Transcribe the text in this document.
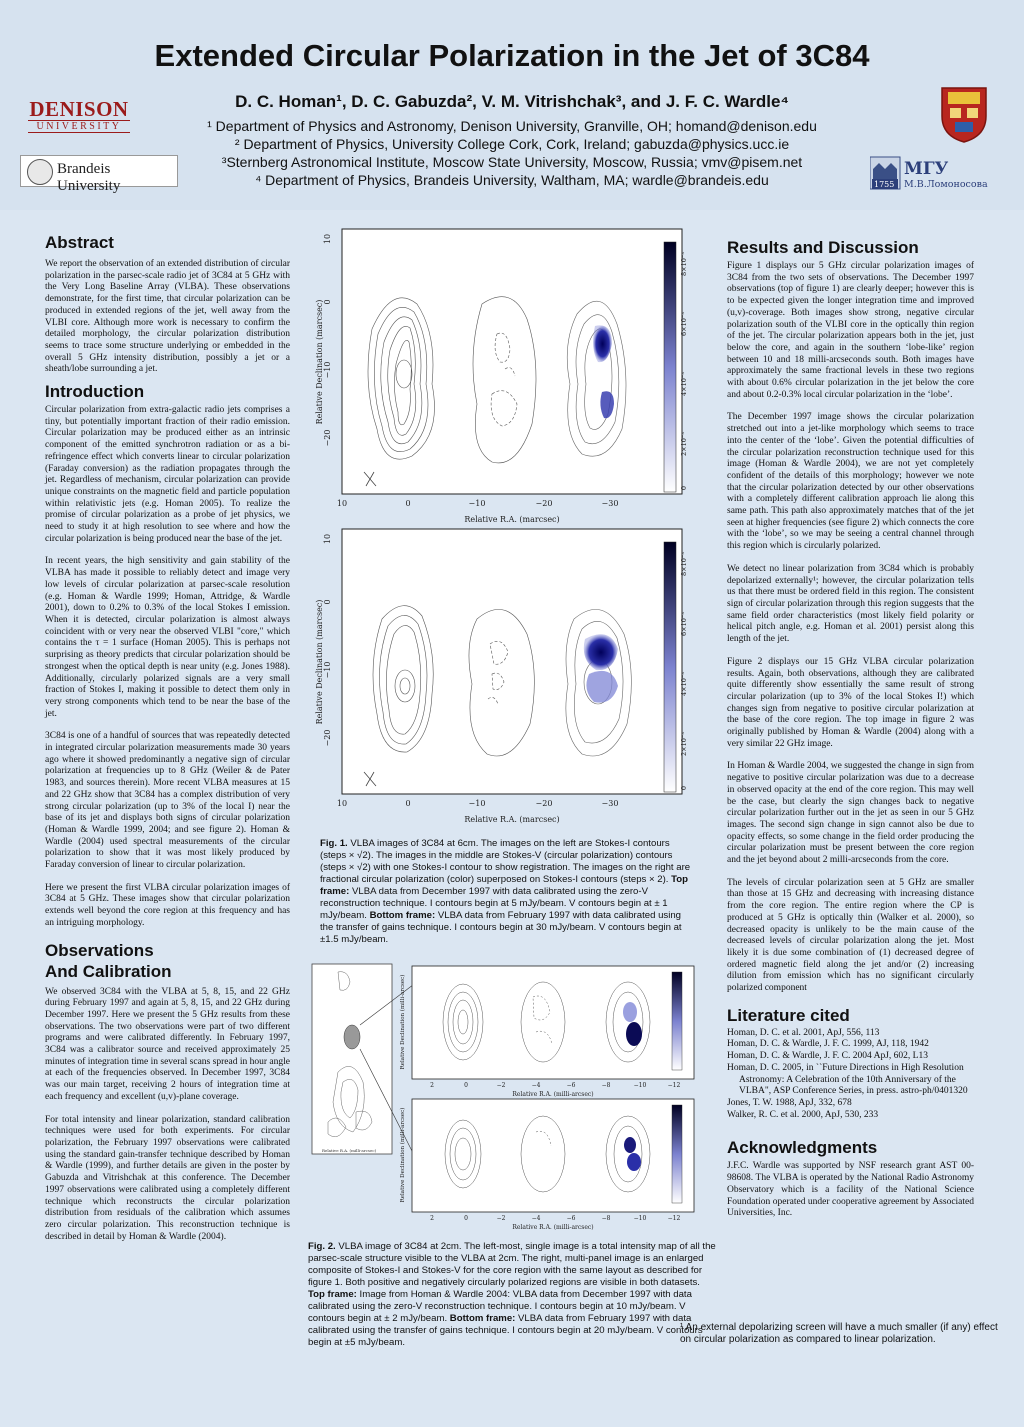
Extended Circular Polarization in the Jet of 3C84
D. C. Homan¹, D. C. Gabuzda², V. M. Vitrishchak³, and J. F. C. Wardle⁴
¹ Department of Physics and Astronomy, Denison University, Granville, OH; homand@denison.edu
² Department of Physics, University College Cork, Cork, Ireland; gabuzda@physics.ucc.ie
³Sternberg Astronomical Institute, Moscow State University, Moscow, Russia; vmv@pisem.net
⁴ Department of Physics, Brandeis University, Waltham, MA; wardle@brandeis.edu
DENISON
UNIVERSITY
Brandeis University
МГУ
1755 М.В.Ломоносова
Abstract

We report the observation of an extended distribution of circular polarization in the parsec-scale radio jet of 3C84 at 5 GHz with the Very Long Baseline Array (VLBA). These observations demonstrate, for the first time, that circular polarization can be produced in extended regions of the jet, well away from the VLBI core. Although more work is necessary to confirm the detailed morphology, the circular polarization distribution seems to trace some structure underlying or embedded in the overall 5 GHz intensity distribution, possibly a jet or a sheath/lobe surrounding a jet.

Introduction

Circular polarization from extra-galactic radio jets comprises a tiny, but potentially important fraction of their radio emission. Circular polarization may be produced either as an intrinsic component of the emitted synchrotron radiation or as a bi-refringence effect which converts linear to circular polarization (Faraday conversion) as the radiation propagates through the jet. Regardless of mechanism, circular polarization can provide unique constraints on the magnetic field and particle population within relativistic jets (e.g. Homan 2005). To realize the promise of circular polarization as a probe of jet physics, we need to study it at high resolution to see where and how the circular polarization is being produced near the base of the jet.

In recent years, the high sensitivity and gain stability of the VLBA has made it possible to reliably detect and image very low levels of circular polarization at parsec-scale resolution (e.g. Homan & Wardle 1999; Homan, Attridge, & Wardle 2001), down to 0.2% to 0.3% of the local Stokes I emission. When it is detected, circular polarization is almost always coincident with or very near the observed VLBI "core," which contains the τ = 1 surface (Homan 2005). This is perhaps not surprising as theory predicts that circular polarization should be strongest when the optical depth is near unity (e.g. Jones 1988). Additionally, circularly polarized signals are a very small fraction of Stokes I, making it possible to detect them only in very strong components which tend to be near the base of the jet.

3C84 is one of a handful of sources that was repeatedly detected in integrated circular polarization measurements made 30 years ago where it showed predominantly a negative sign of circular polarization at frequencies up to 8 GHz (Weiler & de Pater 1983, and sources therein). More recent VLBA measures at 15 and 22 GHz show that 3C84 has a complex distribution of very strong circular polarization (up to 3% of the local I) near the base of its jet and displays both signs of circular polarization (Homan & Wardle 1999, 2004; and see figure 2). Homan & Wardle (2004) used spectral measurements of the circular polarization to show that it was most likely produced by Faraday conversion of linear to circular polarization.

Here we present the first VLBA circular polarization images of 3C84 at 5 GHz. These images show that circular polarization extends well beyond the core region at this frequency and has an intriguing morphology.

Observations
And Calibration

We observed 3C84 with the VLBA at 5, 8, 15, and 22 GHz during February 1997 and again at 5, 8, 15, and 22 GHz during December 1997. Here we present the 5 GHz results from these observations. The two observations were part of two different programs and were calibrated differently. In February 1997, 3C84 was a calibrator source and received approximately 25 minutes of integration time in several scans spread in hour angle at each of the frequencies observed. In December 1997, 3C84 was our main target, receiving 2 hours of integration time at each frequency and excellent (u,v)-plane coverage.

For total intensity and linear polarization, standard calibration techniques were used for both experiments. For circular polarization, the February 1997 observations were calibrated using the standard gain-transfer technique described by Homan & Wardle (1999), and further details are given in the poster by Gabuzda and Vitrishchak at this conference. The December 1997 observations were calibrated using a completely different technique which reconstructs the circular polarization distribution from residuals of the calibration which assumes zero circular polarization. This reconstruction technique is described in detail by Homan & Wardle (2004).

10	0	−10	−20	−30
10
0
−10
−20
Relative R.A. (marcsec)
Relative Declination (marcsec)
8×10⁻³
6×10⁻³
4×10⁻³
2×10⁻³
0
10	0	−10	−20	−30
10
0
−10
−20
Relative R.A. (marcsec)
Relative Declination (marcsec)
8×10⁻³
6×10⁻³
4×10⁻³
2×10⁻³
0
Fig. 1. VLBA images of 3C84 at 6cm. The images on the left are Stokes-I contours (steps × √2). The images in the middle are Stokes-V (circular polarization) contours (steps × √2) with one Stokes-I contour to show registration. The images on the right are fractional circular polarization (color) superposed on Stokes-I contours (steps × 2). Top frame: VLBA data from December 1997 with data calibrated using the zero-V reconstruction technique. I contours begin at 5 mJy/beam. V contours begin at ± 1 mJy/beam. Bottom frame: VLBA data from February 1997 with data calibrated using the transfer of gains technique. I contours begin at 30 mJy/beam. V contours begin at ±1.5 mJy/beam.
Relative R.A. (milli-arcsec)
2	0	−2	−4	−6	−8	−10	−12
Relative R.A. (milli-arcsec)
Relative Declination (milli-arcsec)
2	0	−2	−4	−6	−8	−10	−12
Relative R.A. (milli-arcsec)
Relative Declination (milli-arcsec)
Fig. 2. VLBA image of 3C84 at 2cm. The left-most, single image is a total intensity map of all the parsec-scale structure visible to the VLBA at 2cm. The right, multi-panel image is an enlarged composite of Stokes-I and Stokes-V for the core region with the same layout as described for figure 1. Both positive and negatively circularly polarized regions are visible in both datasets. Top frame: Image from Homan & Wardle 2004: VLBA data from December 1997 with data calibrated using the zero-V reconstruction technique. I contours begin at 10 mJy/beam. V contours begin at ± 2 mJy/beam. Bottom frame: VLBA data from February 1997 with data calibrated using the transfer of gains technique. I contours begin at 20 mJy/beam. V contours begin at ±5 mJy/beam.
Results and Discussion

Figure 1 displays our 5 GHz circular polarization images of 3C84 from the two sets of observations. The December 1997 observations (top of figure 1) are clearly deeper; however this is to be expected given the longer integration time and improved (u,v)-coverage. Both images show strong, negative circular polarization south of the VLBI core in the optically thin region of the jet. The circular polarization appears both in the jet, just below the core, and again in the southern ‘lobe-like’ region between 10 and 18 milli-arcseconds south. Both images have approximately the same fractional levels in these two regions with about 0.6% circular polarization in the jet below the core and about 0.2-0.3% local circular polarization in the ‘lobe’.

The December 1997 image shows the circular polarization stretched out into a jet-like morphology which seems to trace into the center of the ‘lobe’. Given the potential difficulties of the circular polarization reconstruction technique used for this image (Homan & Wardle 2004), we are not yet completely confident of the details of this morphology; however we note that the circular polarization detected by our other observations with a completely different calibration approach lie along this same path. This path also approximately matches that of the jet seen at higher frequencies (see figure 2) which connects the core with the ‘lobe’, so we may be seeing a central channel through this region which is circularly polarized.

We detect no linear polarization from 3C84 which is probably depolarized externally¹; however, the circular polarization tells us that there must be ordered field in this region. The consistent sign of circular polarization through this region suggests that the same field order characteristics (most likely field polarity or helical pitch angle, e.g. Homan et al. 2001) persist along this length of the jet.

Figure 2 displays our 15 GHz VLBA circular polarization results. Again, both observations, although they are calibrated quite differently show essentially the same result of strong circular polarization (up to 3% of the local Stokes I!) which changes sign from negative to positive circular polarization at the base of the core region. The top image in figure 2 was originally published by Homan & Wardle (2004) along with a very similar 22 GHz image.

In Homan & Wardle 2004, we suggested the change in sign from negative to positive circular polarization was due to a decrease in observed opacity at the end of the core region. This may well be the case, but clearly the sign changes back to negative circular polarization further out in the jet as seen in our 5 GHz images. The second sign change in sign cannot also be due to opacity effects, so some change in the field order producing the circular polarization must be present between the core region and the jet beyond about 2 milli-arcseconds from the core.

The levels of circular polarization seen at 5 GHz are smaller than those at 15 GHz and decreasing with increasing distance from the core region. The entire region where the CP is produced at 5 GHz is optically thin (Walker et al. 2000), so decreased opacity is unlikely to be the main cause of the decreased levels of circular polarization along the jet. Most likely it is due some combination of (1) decreased degree of ordered magnetic field along the jet and/or (2) increasing dilution from emission which has no significant circularly polarized component

Literature cited
Homan, D. C. et al. 2001, ApJ, 556, 113
Homan, D. C. & Wardle, J. F. C. 1999, AJ, 118, 1942
Homan, D. C. & Wardle, J. F. C. 2004 ApJ, 602, L13
Homan, D. C. 2005, in ``Future Directions in High Resolution Astronomy: A Celebration of the 10th Anniversary of the VLBA", ASP Conference Series, in press. astro-ph/0401320
Jones, T. W. 1988, ApJ, 332, 678
Walker, R. C. et al. 2000, ApJ, 530, 233
Acknowledgments

J.F.C. Wardle was supported by NSF research grant AST 00-98608. The VLBA is operated by the National Radio Astronomy Observatory which is a facility of the National Science Foundation operated under cooperative agreement by Associated Universities, Inc.

¹ An external depolarizing screen will have a much smaller (if any) effect on circular polarization as compared to linear polarization.
